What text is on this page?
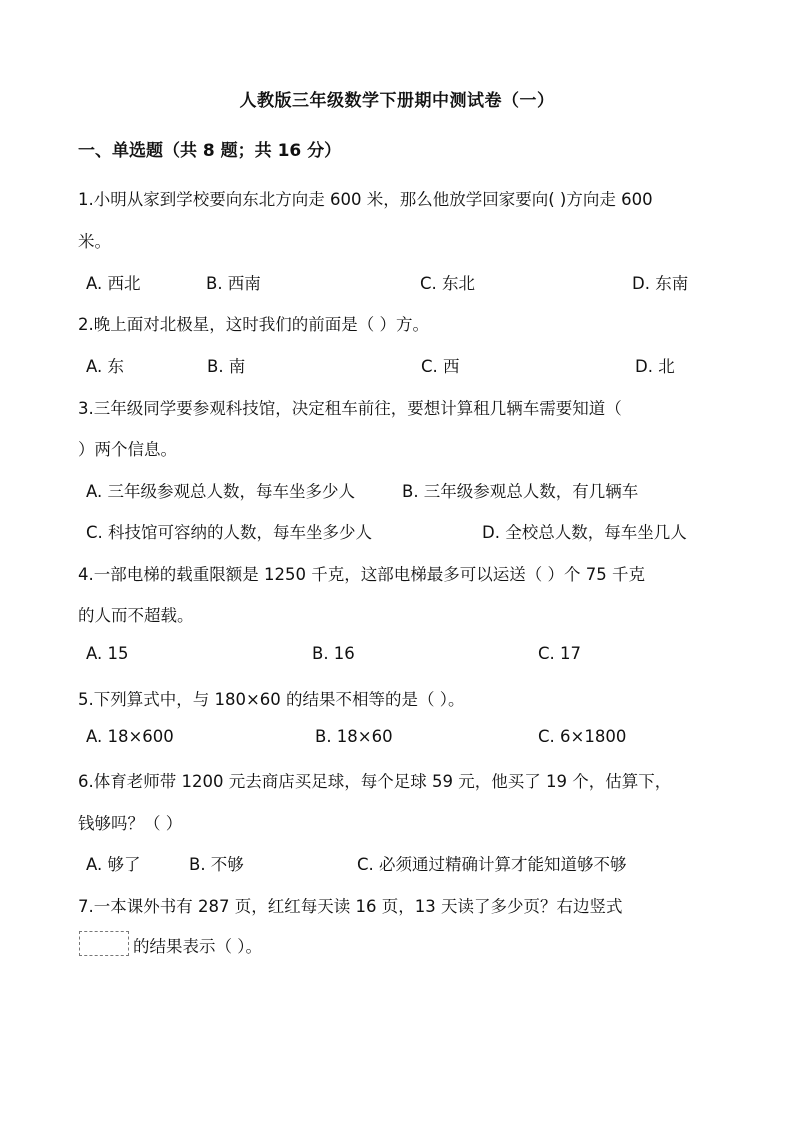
人教版三年级数学下册期中测试卷（一）
一、单选题（共 8 题；共 16 分）
1.小明从家到学校要向东北方向走 600 米，那么他放学回家要向( )方向走 600
米。
A. 西北	B. 西南	C. 东北	D. 东南
2.晚上面对北极星，这时我们的前面是（ ）方。
A. 东	B. 南	C. 西	D. 北
3.三年级同学要参观科技馆，决定租车前往，要想计算租几辆车需要知道（
）两个信息。
A. 三年级参观总人数，每车坐多少人	B. 三年级参观总人数，有几辆车
C. 科技馆可容纳的人数，每车坐多少人	D. 全校总人数，每车坐几人
4.一部电梯的载重限额是 1250 千克，这部电梯最多可以运送（ ）个 75 千克
的人而不超载。
A. 15	B. 16	C. 17
5.下列算式中，与 180×60 的结果不相等的是（ ）。
A. 18×600	B. 18×60	C. 6×1800
6.体育老师带 1200 元去商店买足球，每个足球 59 元，他买了 19 个，估算下，
钱够吗？（ ）
A. 够了	B. 不够	C. 必须通过精确计算才能知道够不够
7.一本课外书有 287 页，红红每天读 16 页，13 天读了多少页？右边竖式
的结果表示（ ）。
